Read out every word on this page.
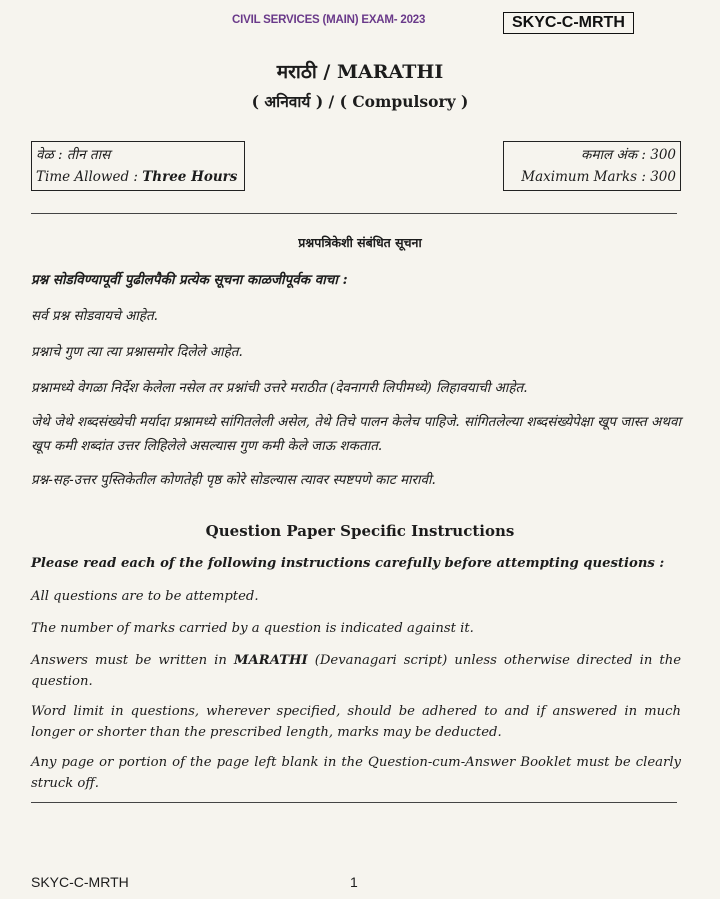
CIVIL SERVICES (MAIN) EXAM- 2023	SKYC-C-MRTH
मराठी / MARATHI
( अनिवार्य ) / ( Compulsory )
वेळ : तीन तास
Time Allowed : Three Hours
कमाल अंक : 300
Maximum Marks : 300
प्रश्नपत्रिकेशी संबंधित सूचना
प्रश्न सोडविण्यापूर्वी पुढीलपैकी प्रत्येक सूचना काळजीपूर्वक वाचा :
सर्व प्रश्न सोडवायचे आहेत.
प्रश्नाचे गुण त्या त्या प्रश्नासमोर दिलेले आहेत.
प्रश्नामध्ये वेगळा निर्देश केलेला नसेल तर प्रश्नांची उत्तरे मराठीत (देवनागरी लिपीमध्ये) लिहावयाची आहेत.
जेथे जेथे शब्दसंख्येची मर्यादा प्रश्नामध्ये सांगितलेली असेल, तेथे तिचे पालन केलेच पाहिजे. सांगितलेल्या शब्दसंख्येपेक्षा खूप जास्त अथवा खूप कमी शब्दांत उत्तर लिहिलेले असल्यास गुण कमी केले जाऊ शकतात.
प्रश्न-सह-उत्तर पुस्तिकेतील कोणतेही पृष्ठ कोरे सोडल्यास त्यावर स्पष्टपणे काट मारावी.
Question Paper Specific Instructions
Please read each of the following instructions carefully before attempting questions :
All questions are to be attempted.
The number of marks carried by a question is indicated against it.
Answers must be written in MARATHI (Devanagari script) unless otherwise directed in the question.
Word limit in questions, wherever specified, should be adhered to and if answered in much longer or shorter than the prescribed length, marks may be deducted.
Any page or portion of the page left blank in the Question-cum-Answer Booklet must be clearly struck off.
SKYC-C-MRTH	1
